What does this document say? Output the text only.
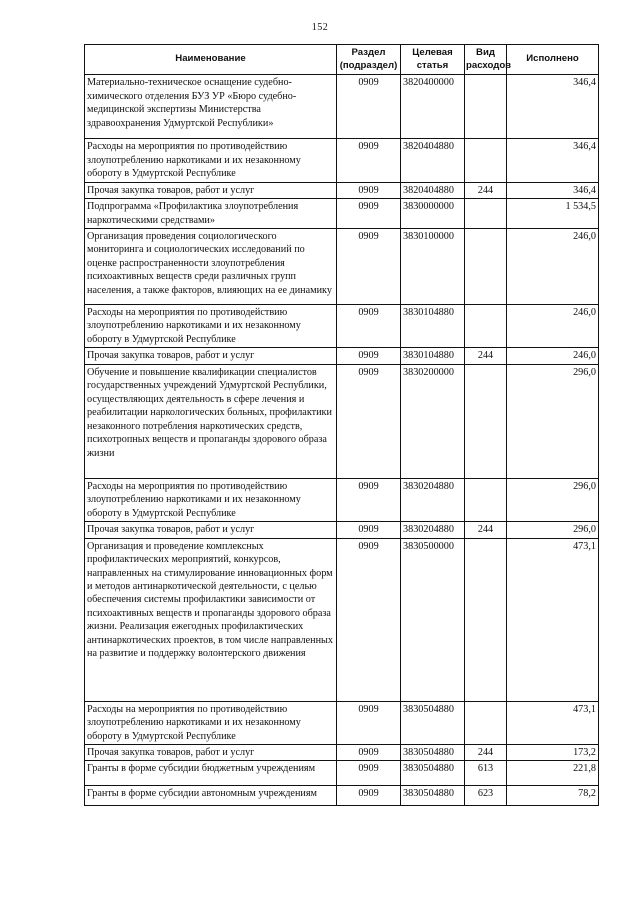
152
Наименование	Раздел (подраздел)	Целевая статья	Вид расходов	Исполнено
Материально-техническое оснащение судебно-химического отделения БУЗ УР «Бюро судебно-медицинской экспертизы Министерства здравоохранения Удмуртской Республики»	0909	3820400000		346,4
Расходы на мероприятия по противодействию злоупотреблению наркотиками и их незаконному обороту в Удмуртской Республике	0909	3820404880		346,4
Прочая закупка товаров, работ и услуг	0909	3820404880	244	346,4
Подпрограмма «Профилактика злоупотребления наркотическими средствами»	0909	3830000000		1 534,5
Организация проведения социологического мониторинга и социологических исследований по оценке распространенности злоупотребления психоактивных веществ среди различных групп населения, а также факторов, влияющих на ее динамику	0909	3830100000		246,0
Расходы на мероприятия по противодействию злоупотреблению наркотиками и их незаконному обороту в Удмуртской Республике	0909	3830104880		246,0
Прочая закупка товаров, работ и услуг	0909	3830104880	244	246,0
Обучение и повышение квалификации специалистов государственных учреждений Удмуртской Республики, осуществляющих деятельность в сфере лечения и реабилитации наркологических больных, профилактики незаконного потребления наркотических средств, психотропных веществ и пропаганды здорового образа жизни	0909	3830200000		296,0
Расходы на мероприятия по противодействию злоупотреблению наркотиками и их незаконному обороту в Удмуртской Республике	0909	3830204880		296,0
Прочая закупка товаров, работ и услуг	0909	3830204880	244	296,0
Организация и проведение комплексных профилактических мероприятий, конкурсов, направленных на стимулирование инновационных форм и методов антинаркотической деятельности, с целью обеспечения системы профилактики зависимости от психоактивных веществ и пропаганды здорового образа жизни. Реализация ежегодных профилактических антинаркотических проектов, в том числе направленных на развитие и поддержку волонтерского движения	0909	3830500000		473,1
Расходы на мероприятия по противодействию злоупотреблению наркотиками и их незаконному обороту в Удмуртской Республике	0909	3830504880		473,1
Прочая закупка товаров, работ и услуг	0909	3830504880	244	173,2
Гранты в форме субсидии бюджетным учреждениям	0909	3830504880	613	221,8
Гранты в форме субсидии автономным учреждениям	0909	3830504880	623	78,2
